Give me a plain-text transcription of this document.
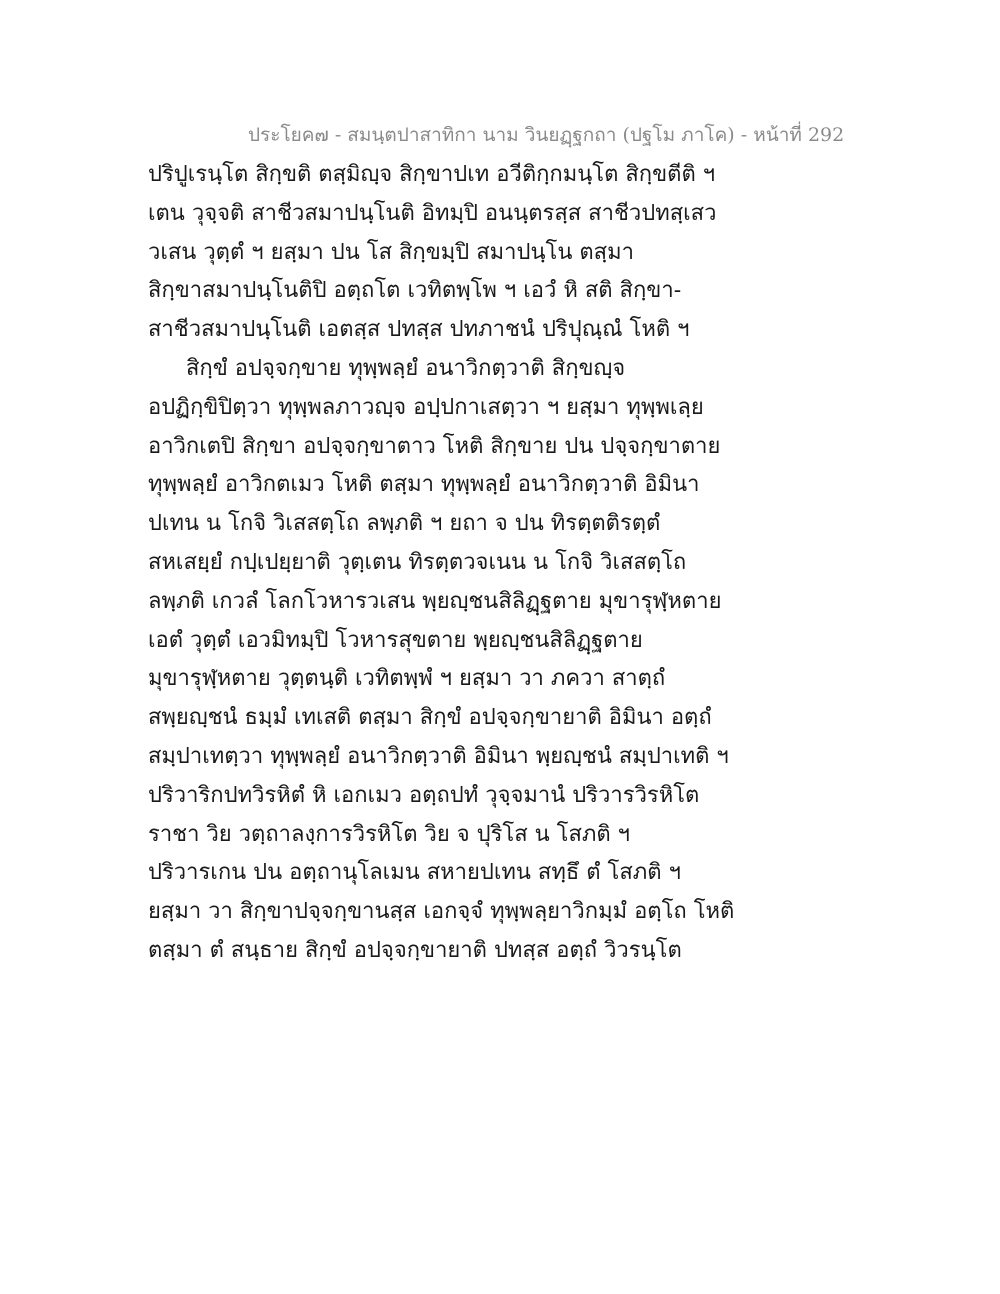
ประโยค๗ - สมนฺตปาสาทิกา นาม วินยฏฺฐกถา (ปฐโม ภาโค) - หน้าที่ 292
ปริปูเรนฺโต สิกฺขติ ตสฺมิญฺจ สิกฺขาปเท อวีติกฺกมนฺโต สิกฺขตีติ ฯ
เตน วุจฺจติ สาชีวสมาปนฺโนติ อิทมฺปิ อนนฺตรสฺส สาชีวปทสฺเสว
วเสน วุตฺตํ ฯ ยสฺมา ปน โส สิกฺขมฺปิ สมาปนฺโน ตสฺมา
สิกฺขาสมาปนฺโนติปิ อตฺถโต เวทิตพฺโพ ฯ เอวํ หิ สติ สิกฺขา-
สาชีวสมาปนฺโนติ เอตสฺส ปทสฺส ปทภาชนํ ปริปุณฺณํ โหติ ฯ
สิกฺขํ อปจฺจกฺขาย ทุพฺพลฺยํ อนาวิกตฺวาติ สิกฺขญฺจ
อปฏิกฺขิปิตฺวา ทุพฺพลภาวญฺจ อปฺปกาเสตฺวา ฯ ยสฺมา ทุพฺพเลฺย
อาวิกเตปิ สิกฺขา อปจฺจกฺขาตาว โหติ สิกฺขาย ปน ปจฺจกฺขาตาย
ทุพฺพลฺยํ อาวิกตเมว โหติ ตสฺมา ทุพฺพลฺยํ อนาวิกตฺวาติ อิมินา
ปเทน น โกจิ วิเสสตฺโถ ลพฺภติ ฯ ยถา จ ปน ทิรตฺตติรตฺตํ
สหเสยฺยํ กปฺเปยฺยาติ วุตฺเตน ทิรตฺตวจเนน น โกจิ วิเสสตฺโถ
ลพฺภติ เกวลํ โลกโวหารวเสน พฺยญฺชนสิลิฏฺฐตาย มุขารุฬฺหตาย
เอตํ วุตฺตํ เอวมิทมฺปิ โวหารสุขตาย พฺยญฺชนสิลิฏฺฐตาย
มุขารุฬฺหตาย วุตฺตนฺติ เวทิตพฺพํ ฯ ยสฺมา วา ภควา สาตฺถํ
สพฺยญฺชนํ ธมฺมํ เทเสติ ตสฺมา สิกฺขํ อปจฺจกฺขายาติ อิมินา อตฺถํ
สมฺปาเทตฺวา ทุพฺพลฺยํ อนาวิกตฺวาติ อิมินา พฺยญฺชนํ สมฺปาเทติ ฯ
ปริวาริกปทวิรหิตํ หิ เอกเมว อตฺถปทํ วุจฺจมานํ ปริวารวิรหิโต
ราชา วิย วตฺถาลงฺการวิรหิโต วิย จ ปุริโส น โสภติ ฯ
ปริวารเกน ปน อตฺถานุโลเมน สหายปเทน สทฺธึ ตํ โสภติ ฯ
ยสฺมา วา สิกฺขาปจฺจกฺขานสฺส เอกจฺจํ ทุพฺพลฺยาวิกมฺมํ อตฺโถ โหติ
ตสฺมา ตํ สนฺธาย สิกฺขํ อปจฺจกฺขายาติ ปทสฺส อตฺถํ วิวรนฺโต
